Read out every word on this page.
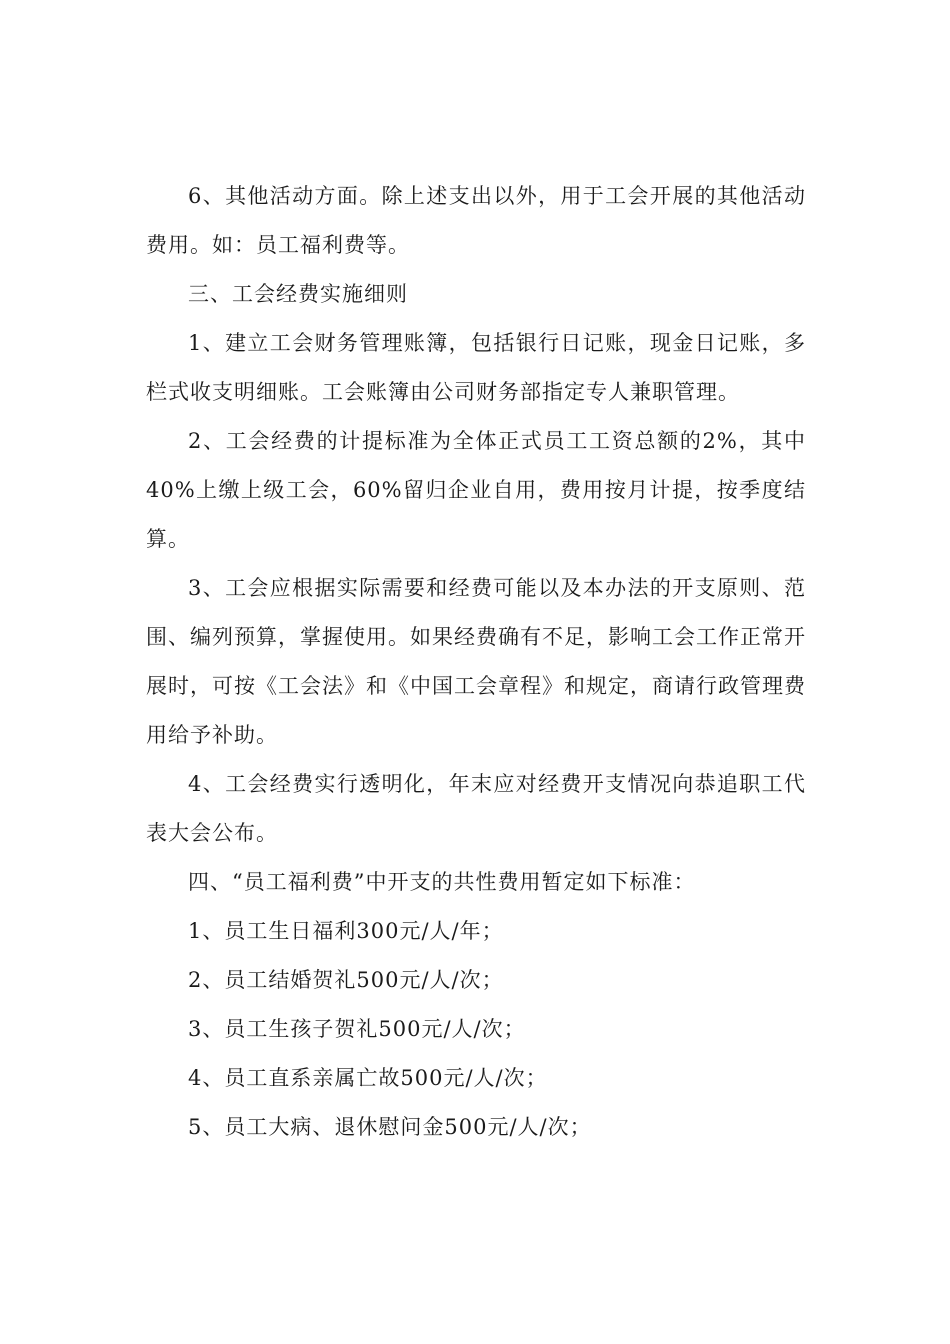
6、其他活动方面。除上述支出以外，用于工会开展的其他活动费用。如：员工福利费等。

三、工会经费实施细则

1、建立工会财务管理账簿，包括银行日记账，现金日记账，多栏式收支明细账。工会账簿由公司财务部指定专人兼职管理。

2、工会经费的计提标准为全体正式员工工资总额的2%，其中40%上缴上级工会，60%留归企业自用，费用按月计提，按季度结算。

3、工会应根据实际需要和经费可能以及本办法的开支原则、范围、编列预算，掌握使用。如果经费确有不足，影响工会工作正常开展时，可按《工会法》和《中国工会章程》和规定，商请行政管理费用给予补助。

4、工会经费实行透明化，年末应对经费开支情况向恭追职工代表大会公布。

四、“员工福利费”中开支的共性费用暂定如下标准：

1、员工生日福利300元/人/年；

2、员工结婚贺礼500元/人/次；

3、员工生孩子贺礼500元/人/次；

4、员工直系亲属亡故500元/人/次；

5、员工大病、退休慰问金500元/人/次；
